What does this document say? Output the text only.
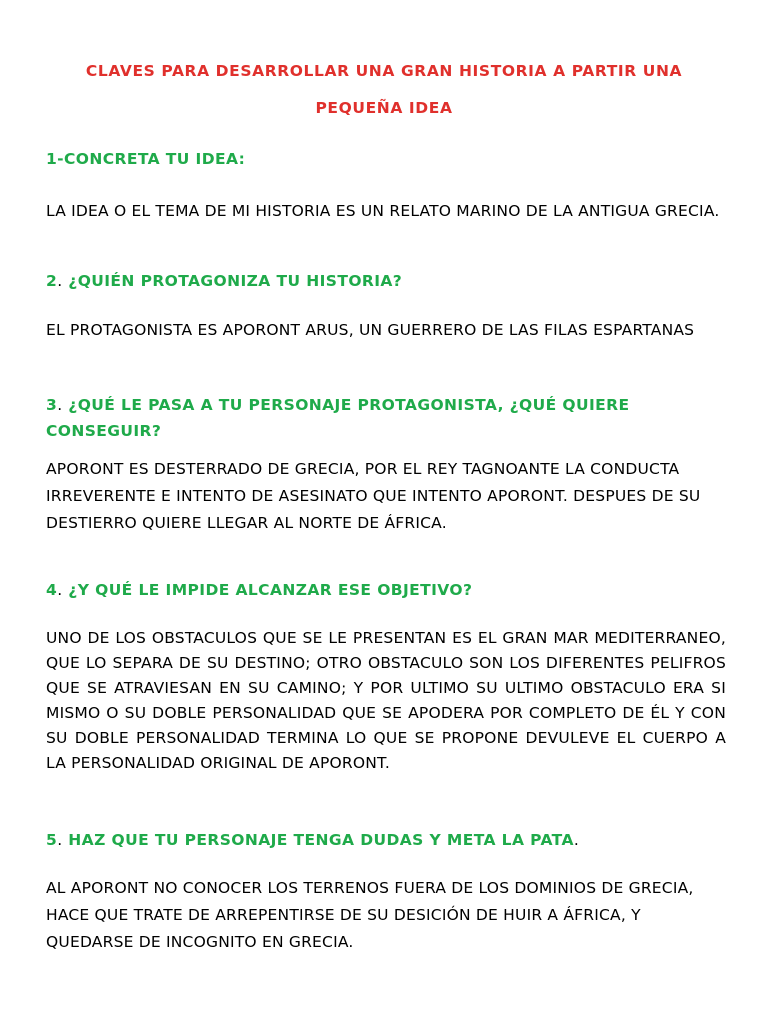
CLAVES PARA DESARROLLAR UNA GRAN HISTORIA A PARTIR UNA
PEQUEÑA IDEA
1-CONCRETA TU IDEA:
LA IDEA O EL TEMA DE MI HISTORIA ES UN RELATO MARINO DE LA ANTIGUA GRECIA.
2. ¿QUIÉN PROTAGONIZA TU HISTORIA?
EL PROTAGONISTA ES APORONT ARUS, UN GUERRERO DE LAS FILAS ESPARTANAS
3. ¿QUÉ LE PASA A TU PERSONAJE PROTAGONISTA, ¿QUÉ QUIERE CONSEGUIR?
APORONT ES DESTERRADO DE GRECIA, POR EL REY TAGNOANTE LA CONDUCTA IRREVERENTE E INTENTO DE ASESINATO QUE INTENTO APORONT. DESPUES DE SU DESTIERRO QUIERE LLEGAR AL NORTE DE ÁFRICA.
4. ¿Y QUÉ LE IMPIDE ALCANZAR ESE OBJETIVO?
UNO DE LOS OBSTACULOS QUE SE LE PRESENTAN ES EL GRAN MAR MEDITERRANEO, QUE LO SEPARA DE SU DESTINO; OTRO OBSTACULO SON LOS DIFERENTES PELIFROS QUE SE ATRAVIESAN EN SU CAMINO; Y POR ULTIMO SU ULTIMO OBSTACULO ERA SI MISMO O SU DOBLE PERSONALIDAD QUE SE APODERA POR COMPLETO DE ÉL Y CON SU DOBLE PERSONALIDAD TERMINA LO QUE SE PROPONE DEVULEVE EL CUERPO A LA PERSONALIDAD ORIGINAL DE APORONT.
5. HAZ QUE TU PERSONAJE TENGA DUDAS Y META LA PATA.
AL APORONT NO CONOCER LOS TERRENOS FUERA DE LOS DOMINIOS DE GRECIA, HACE QUE TRATE DE ARREPENTIRSE DE SU DESICIÓN DE HUIR A ÁFRICA, Y QUEDARSE DE INCOGNITO EN GRECIA.
